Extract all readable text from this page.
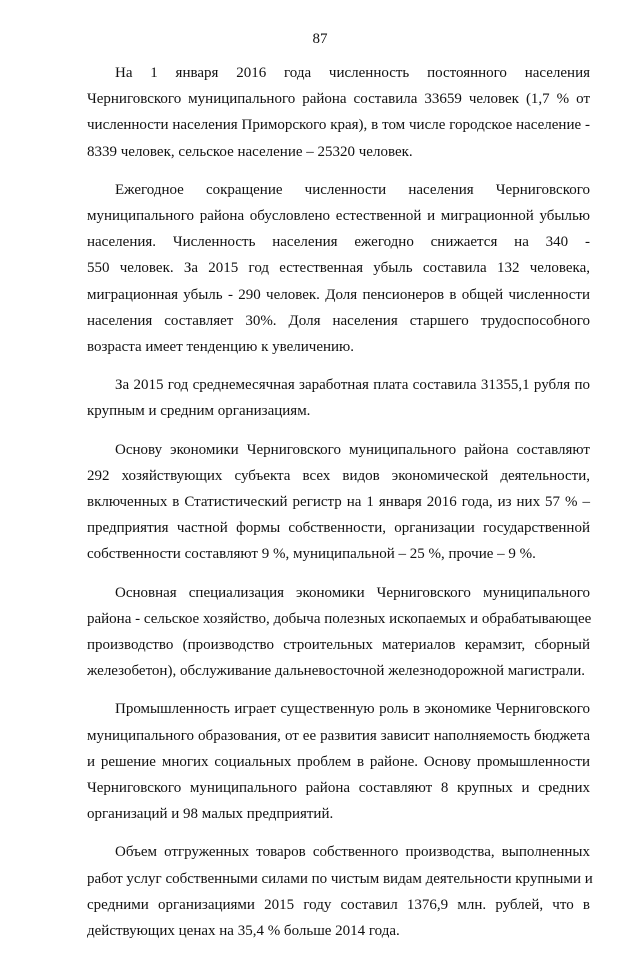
87

На 1 января 2016 года численность постоянного населения
Черниговского муниципального района составила 33659 человек (1,7 % от
численности населения Приморского края), в том числе городское население -
8339 человек, сельское население – 25320 человек.

Ежегодное сокращение численности населения Черниговского
муниципального района обусловлено естественной и миграционной убылью
населения. Численность населения ежегодно снижается на 340 -
550 человек. За 2015 год естественная убыль составила 132 человека,
миграционная убыль - 290 человек. Доля пенсионеров в общей численности
населения составляет 30%. Доля населения старшего трудоспособного
возраста имеет тенденцию к увеличению.

За 2015 год среднемесячная заработная плата составила 31355,1 рубля по
крупным и средним организациям.

Основу экономики Черниговского муниципального района составляют
292 хозяйствующих субъекта всех видов экономической деятельности,
включенных в Статистический регистр на 1 января 2016 года, из них 57 % –
предприятия частной формы собственности, организации государственной
собственности составляют 9 %, муниципальной – 25 %, прочие – 9 %.

Основная специализация экономики Черниговского муниципального
района - сельское хозяйство, добыча полезных ископаемых и обрабатывающее
производство (производство строительных материалов керамзит, сборный
железобетон), обслуживание дальневосточной железнодорожной магистрали.

Промышленность играет существенную роль в экономике Черниговского
муниципального образования, от ее развития зависит наполняемость бюджета
и решение многих социальных проблем в районе. Основу промышленности
Черниговского муниципального района составляют 8 крупных и средних
организаций и 98 малых предприятий.

Объем отгруженных товаров собственного производства, выполненных
работ услуг собственными силами по чистым видам деятельности крупными и
средними организациями 2015 году составил 1376,9 млн. рублей, что в
действующих ценах на 35,4 % больше 2014 года.
